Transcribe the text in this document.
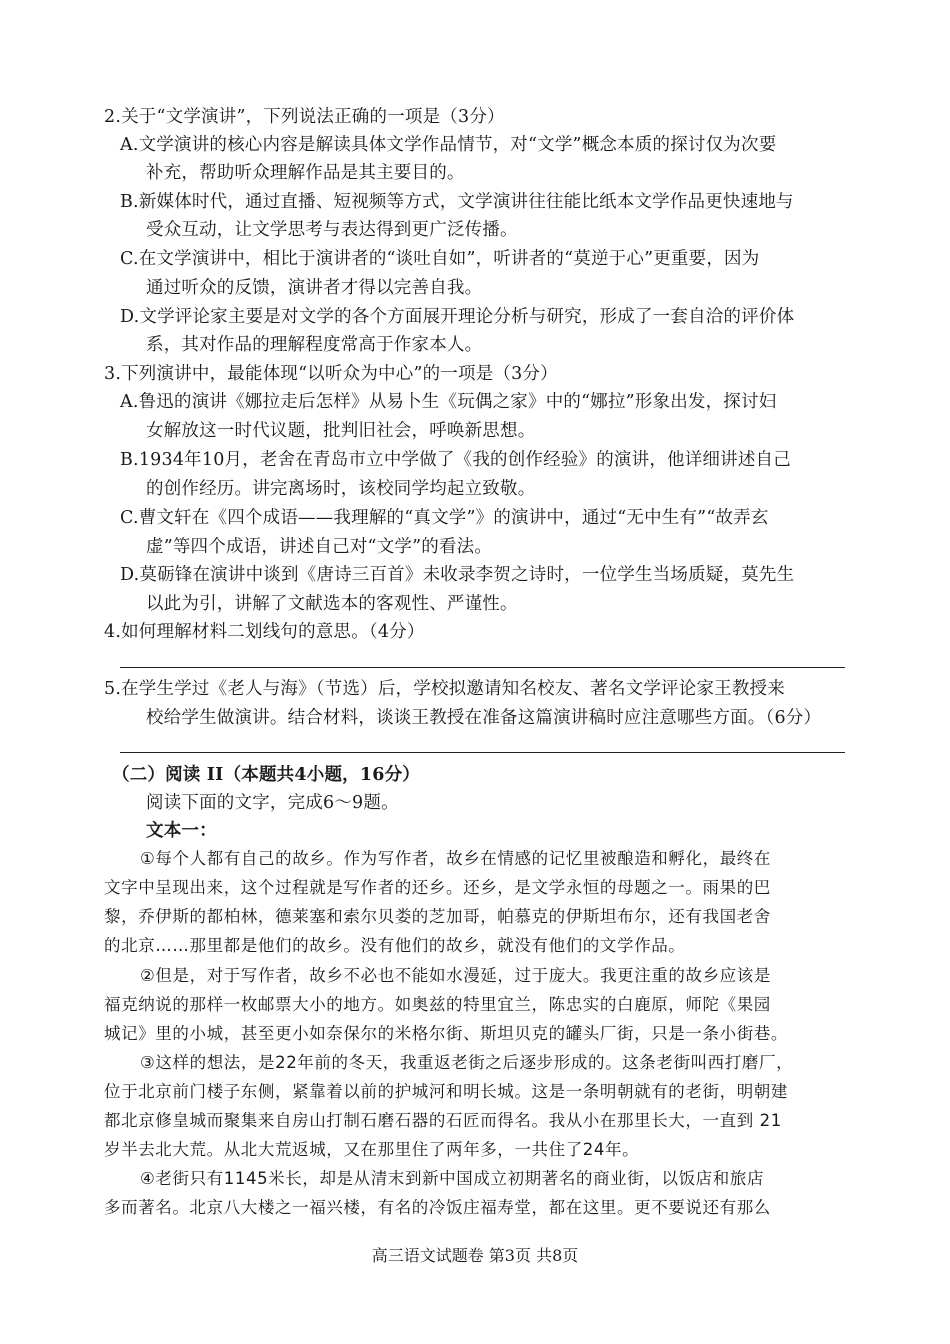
2.关于“文学演讲”，下列说法正确的一项是（3分）
A.文学演讲的核心内容是解读具体文学作品情节，对“文学”概念本质的探讨仅为次要
补充，帮助听众理解作品是其主要目的。
B.新媒体时代，通过直播、短视频等方式，文学演讲往往能比纸本文学作品更快速地与
受众互动，让文学思考与表达得到更广泛传播。
C.在文学演讲中，相比于演讲者的“谈吐自如”，听讲者的“莫逆于心”更重要，因为
通过听众的反馈，演讲者才得以完善自我。
D.文学评论家主要是对文学的各个方面展开理论分析与研究，形成了一套自洽的评价体
系，其对作品的理解程度常高于作家本人。
3.下列演讲中，最能体现“以听众为中心”的一项是（3分）
A.鲁迅的演讲《娜拉走后怎样》从易卜生《玩偶之家》中的“娜拉”形象出发，探讨妇
女解放这一时代议题，批判旧社会，呼唤新思想。
B.1934年10月，老舍在青岛市立中学做了《我的创作经验》的演讲，他详细讲述自己
的创作经历。讲完离场时，该校同学均起立致敬。
C.曹文轩在《四个成语——我理解的“真文学”》的演讲中，通过“无中生有”“故弄玄
虚”等四个成语，讲述自己对“文学”的看法。
D.莫砺锋在演讲中谈到《唐诗三百首》未收录李贺之诗时，一位学生当场质疑，莫先生
以此为引，讲解了文献选本的客观性、严谨性。
4.如何理解材料二划线句的意思。（4分）
5.在学生学过《老人与海》（节选）后，学校拟邀请知名校友、著名文学评论家王教授来
校给学生做演讲。结合材料，谈谈王教授在准备这篇演讲稿时应注意哪些方面。（6分）
（二）阅读 II（本题共4小题，16分）
阅读下面的文字，完成6～9题。
文本一：
①每个人都有自己的故乡。作为写作者，故乡在情感的记忆里被酿造和孵化，最终在
文字中呈现出来，这个过程就是写作者的还乡。还乡，是文学永恒的母题之一。雨果的巴
黎，乔伊斯的都柏林，德莱塞和索尔贝娄的芝加哥，帕慕克的伊斯坦布尔，还有我国老舍
的北京……那里都是他们的故乡。没有他们的故乡，就没有他们的文学作品。
②但是，对于写作者，故乡不必也不能如水漫延，过于庞大。我更注重的故乡应该是
福克纳说的那样一枚邮票大小的地方。如奥兹的特里宜兰，陈忠实的白鹿原，师陀《果园
城记》里的小城，甚至更小如奈保尔的米格尔街、斯坦贝克的罐头厂街，只是一条小街巷。
③这样的想法，是22年前的冬天，我重返老街之后逐步形成的。这条老街叫西打磨厂，
位于北京前门楼子东侧，紧靠着以前的护城河和明长城。这是一条明朝就有的老街，明朝建
都北京修皇城而聚集来自房山打制石磨石器的石匠而得名。我从小在那里长大，一直到 21
岁半去北大荒。从北大荒返城，又在那里住了两年多，一共住了24年。
④老街只有1145米长，却是从清末到新中国成立初期著名的商业街，以饭店和旅店
多而著名。北京八大楼之一福兴楼，有名的冷饭庄福寿堂，都在这里。更不要说还有那么
高三语文试题卷 第3页 共8页
